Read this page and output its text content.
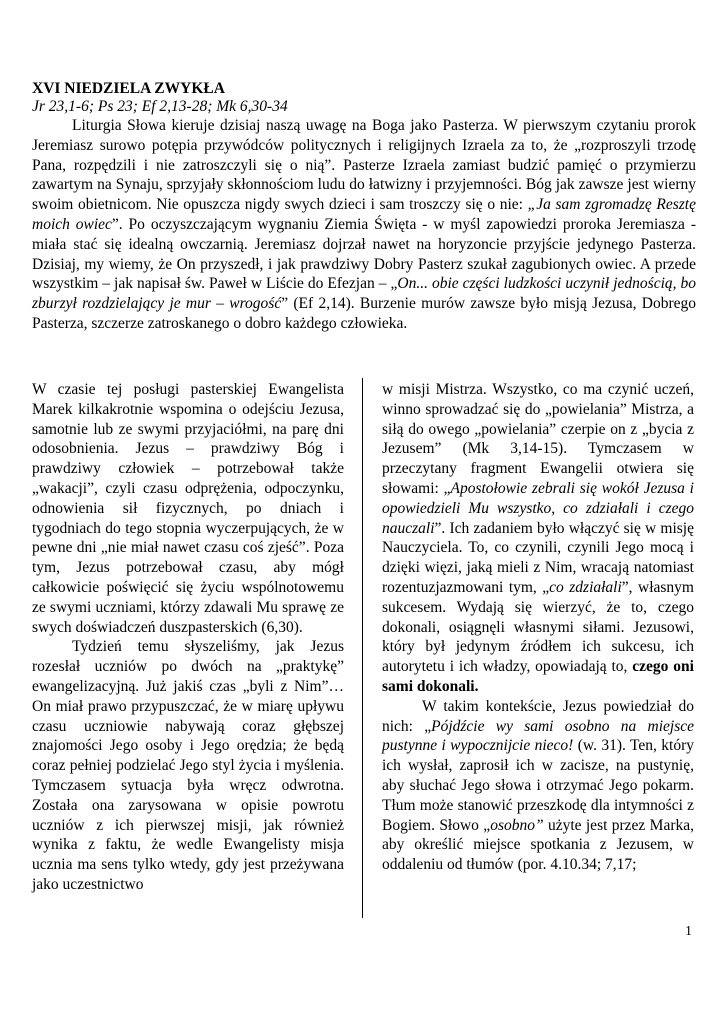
XVI NIEDZIELA ZWYKŁA

Jr 23,1-6; Ps 23; Ef 2,13-28; Mk 6,30-34

Liturgia Słowa kieruje dzisiaj naszą uwagę na Boga jako Pasterza. W pierwszym czytaniu prorok Jeremiasz surowo potępia przywódców politycznych i religijnych Izraela za to, że „rozproszyli trzodę Pana, rozpędzili i nie zatroszczyli się o nią”. Pasterze Izraela zamiast budzić pamięć o przymierzu zawartym na Synaju, sprzyjały skłonnościom ludu do łatwizny i przyjemności. Bóg jak zawsze jest wierny swoim obietnicom. Nie opuszcza nigdy swych dzieci i sam troszczy się o nie: „Ja sam zgromadzę Resztę moich owiec”. Po oczyszczającym wygnaniu Ziemia Święta - w myśl zapowiedzi proroka Jeremiasza - miała stać się idealną owczarnią. Jeremiasz dojrzał nawet na horyzoncie przyjście jedynego Pasterza. Dzisiaj, my wiemy, że On przyszedł, i jak prawdziwy Dobry Pasterz szukał zagubionych owiec. A przede wszystkim – jak napisał św. Paweł w Liście do Efezjan – „On... obie części ludzkości uczynił jednością, bo zburzył rozdzielający je mur – wrogość” (Ef 2,14). Burzenie murów zawsze było misją Jezusa, Dobrego Pasterza, szczerze zatroskanego o dobro każdego człowieka.

W czasie tej posługi pasterskiej Ewangelista Marek kilkakrotnie wspomina o odejściu Jezusa, samotnie lub ze swymi przyjaciółmi, na parę dni odosobnienia. Jezus – prawdziwy Bóg i prawdziwy człowiek – potrzebował także „wakacji”, czyli czasu odprężenia, odpoczynku, odnowienia sił fizycznych, po dniach i tygodniach do tego stopnia wyczerpujących, że w pewne dni „nie miał nawet czasu coś zjeść”. Poza tym, Jezus potrzebował czasu, aby mógł całkowicie poświęcić się życiu wspólnotowemu ze swymi uczniami, którzy zdawali Mu sprawę ze swych doświadczeń duszpasterskich (6,30).

Tydzień temu słyszeliśmy, jak Jezus rozesłał uczniów po dwóch na „praktykę” ewangelizacyjną. Już jakiś czas „byli z Nim”… On miał prawo przypuszczać, że w miarę upływu czasu uczniowie nabywają coraz głębszej znajomości Jego osoby i Jego orędzia; że będą coraz pełniej podzielać Jego styl życia i myślenia. Tymczasem sytuacja była wręcz odwrotna. Została ona zarysowana w opisie powrotu uczniów z ich pierwszej misji, jak również wynika z faktu, że wedle Ewangelisty misja ucznia ma sens tylko wtedy, gdy jest przeżywana jako uczestnictwo

w misji Mistrza. Wszystko, co ma czynić uczeń, winno sprowadzać się do „powielania” Mistrza, a siłą do owego „powielania” czerpie on z „bycia z Jezusem” (Mk 3,14-15). Tymczasem w przeczytany fragment Ewangelii otwiera się słowami: „Apostołowie zebrali się wokół Jezusa i opowiedzieli Mu wszystko, co zdziałali i czego nauczali”. Ich zadaniem było włączyć się w misję Nauczyciela. To, co czynili, czynili Jego mocą i dzięki więzi, jaką mieli z Nim, wracają natomiast rozentuzjazmowani tym, „co zdziałali”, własnym sukcesem. Wydają się wierzyć, że to, czego dokonali, osiągnęli własnymi siłami. Jezusowi, który był jedynym źródłem ich sukcesu, ich autorytetu i ich władzy, opowiadają to, czego oni sami dokonali.

W takim kontekście, Jezus powiedział do nich: „Pójdźcie wy sami osobno na miejsce pustynne i wypocznijcie nieco! (w. 31). Ten, który ich wysłał, zaprosił ich w zacisze, na pustynię, aby słuchać Jego słowa i otrzymać Jego pokarm. Tłum może stanowić przeszkodę dla intymności z Bogiem. Słowo „osobno” użyte jest przez Marka, aby określić miejsce spotkania z Jezusem, w oddaleniu od tłumów (por. 4.10.34; 7,17;

1
